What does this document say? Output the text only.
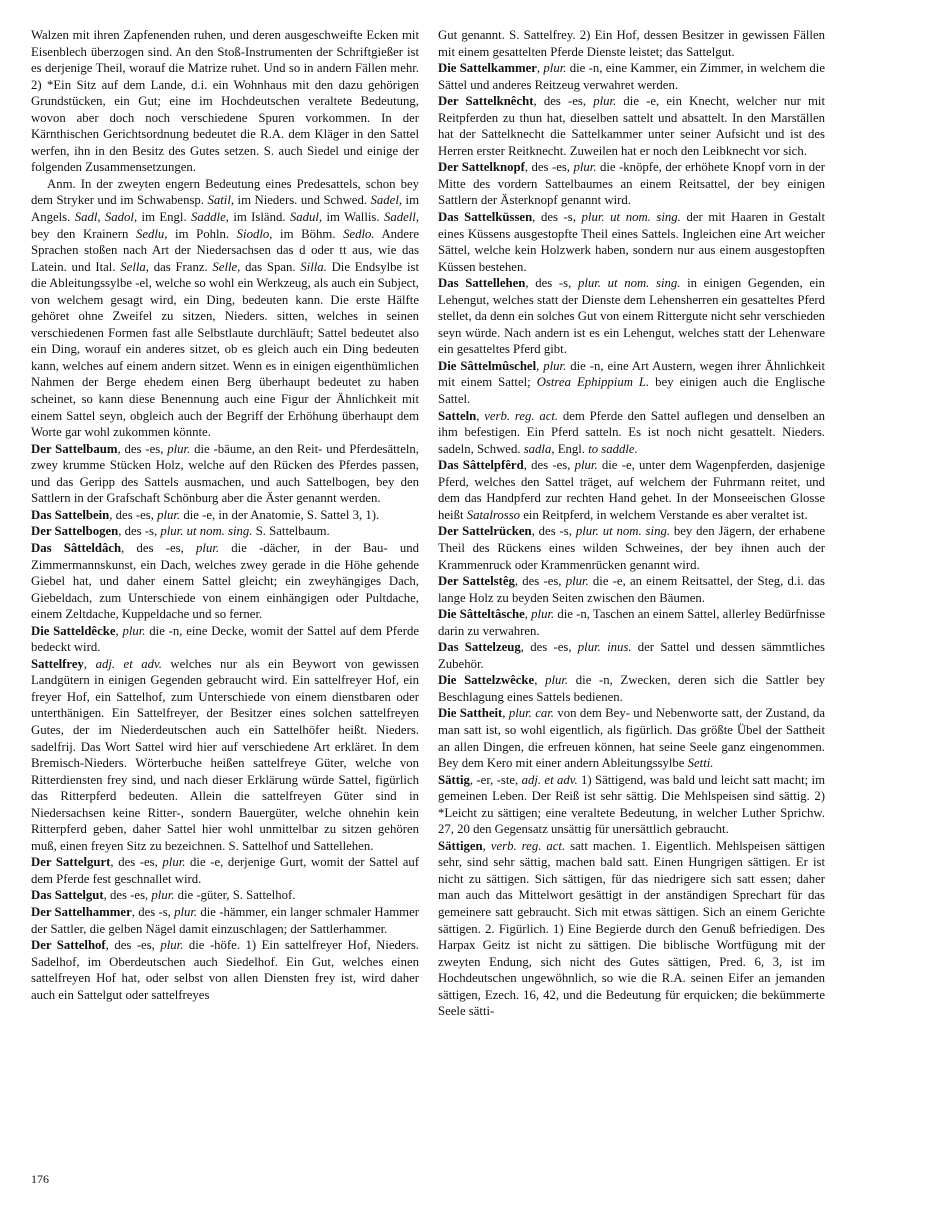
Walzen mit ihren Zapfenenden ruhen, und deren ausgeschweifte Ecken mit Eisenblech überzogen sind. An den Stoß-Instrumenten der Schriftgießer ist es derjenige Theil, worauf die Matrize ruhet. Und so in andern Fällen mehr. 2) *Ein Sitz auf dem Lande, d.i. ein Wohnhaus mit den dazu gehörigen Grundstücken, ein Gut; eine im Hochdeutschen veraltete Bedeutung, wovon aber doch noch verschiedene Spuren vorkommen. In der Kärnthischen Gerichtsordnung bedeutet die R.A. dem Kläger in den Sattel werfen, ihn in den Besitz des Gutes setzen. S. auch Siedel und einige der folgenden Zusammensetzungen.

Anm. In der zweyten engern Bedeutung eines Predesattels, schon bey dem Stryker und im Schwabensp. Satil, im Nieders. und Schwed. Sadel, im Angels. Sadl, Sadol, im Engl. Saddle, im Isländ. Sadul, im Wallis. Sadell, bey den Krainern Sedlu, im Pohln. Siodlo, im Böhm. Sedlo. Andere Sprachen stoßen nach Art der Niedersachsen das d oder tt aus, wie das Latein. und Ital. Sella, das Franz. Selle, das Span. Silla. Die Endsylbe ist die Ableitungssylbe -el, welche so wohl ein Werkzeug, als auch ein Subject, von welchem gesagt wird, ein Ding, bedeuten kann. Die erste Hälfte gehöret ohne Zweifel zu sitzen, Nieders. sitten, welches in seinen verschiedenen Formen fast alle Selbstlaute durchläuft; Sattel bedeutet also ein Ding, worauf ein anderes sitzet, ob es gleich auch ein Ding bedeuten kann, welches auf einem andern sitzet. Wenn es in einigen eigenthümlichen Nahmen der Berge ehedem einen Berg überhaupt bedeutet zu haben scheinet, so kann diese Benennung auch eine Figur der Ähnlichkeit mit einem Sattel seyn, obgleich auch der Begriff der Erhöhung überhaupt dem Worte gar wohl zukommen könnte.

Der Sattelbaum, des -es, plur. die -bäume, an den Reit- und Pferdesätteln, zwey krumme Stücken Holz, welche auf den Rücken des Pferdes passen, und das Geripp des Sattels ausmachen, und auch Sattelbogen, bey den Sattlern in der Grafschaft Schönburg aber die Äster genannt werden.

Das Sattelbein, des -es, plur. die -e, in der Anatomie, S. Sattel 3, 1).

Der Sattelbogen, des -s, plur. ut nom. sing. S. Sattelbaum.

Das Sâtteldâch, des -es, plur. die -dächer, in der Bau- und Zimmermannskunst, ein Dach, welches zwey gerade in die Höhe gehende Giebel hat, und daher einem Sattel gleicht; ein zweyhängiges Dach, Giebeldach, zum Unterschiede von einem einhängigen oder Pultdache, einem Zeltdache, Kuppeldache und so ferner.

Die Satteldêcke, plur. die -n, eine Decke, womit der Sattel auf dem Pferde bedeckt wird.

Sattelfrey, adj. et adv. welches nur als ein Beywort von gewissen Landgütern in einigen Gegenden gebraucht wird. Ein sattelfreyer Hof, ein freyer Hof, ein Sattelhof, zum Unterschiede von einem dienstbaren oder unterthänigen. Ein Sattelfreyer, der Besitzer eines solchen sattelfreyen Gutes, der im Niederdeutschen auch ein Sattelhöfer heißt. Nieders. sadelfrij. Das Wort Sattel wird hier auf verschiedene Art erkläret. In dem Bremisch-Nieders. Wörterbuche heißen sattelfreye Güter, welche von Ritterdiensten frey sind, und nach dieser Erklärung würde Sattel, figürlich das Ritterpferd bedeuten. Allein die sattelfreyen Güter sind in Niedersachsen keine Ritter-, sondern Bauergüter, welche ohnehin kein Ritterpferd geben, daher Sattel hier wohl unmittelbar zu sitzen gehören muß, einen freyen Sitz zu bezeichnen. S. Sattelhof und Sattellehen.

Der Sattelgurt, des -es, plur. die -e, derjenige Gurt, womit der Sattel auf dem Pferde fest geschnallet wird.

Das Sattelgut, des -es, plur. die -güter, S. Sattelhof.

Der Sattelhammer, des -s, plur. die -hämmer, ein langer schmaler Hammer der Sattler, die gelben Nägel damit einzuschlagen; der Sattlerhammer.

Der Sattelhof, des -es, plur. die -höfe. 1) Ein sattelfreyer Hof, Nieders. Sadelhof, im Oberdeutschen auch Siedelhof. Ein Gut, welches einen sattelfreyen Hof hat, oder selbst von allen Diensten frey ist, wird daher auch ein Sattelgut oder sattelfreyes

Gut genannt. S. Sattelfrey. 2) Ein Hof, dessen Besitzer in gewissen Fällen mit einem gesattelten Pferde Dienste leistet; das Sattelgut.

Die Sattelkammer, plur. die -n, eine Kammer, ein Zimmer, in welchem die Sättel und anderes Reitzeug verwahret werden.

Der Sattelknêcht, des -es, plur. die -e, ein Knecht, welcher nur mit Reitpferden zu thun hat, dieselben sattelt und absattelt. In den Marställen hat der Sattelknecht die Sattelkammer unter seiner Aufsicht und ist des Herren erster Reitknecht. Zuweilen hat er noch den Leibknecht vor sich.

Der Sattelknopf, des -es, plur. die -knöpfe, der erhöhete Knopf vorn in der Mitte des vordern Sattelbaumes an einem Reitsattel, der bey einigen Sattlern der Ästerknopf genannt wird.

Das Sattelküssen, des -s, plur. ut nom. sing. der mit Haaren in Gestalt eines Küssens ausgestopfte Theil eines Sattels. Ingleichen eine Art weicher Sättel, welche kein Holzwerk haben, sondern nur aus einem ausgestopften Küssen bestehen.

Das Sattellehen, des -s, plur. ut nom. sing. in einigen Gegenden, ein Lehengut, welches statt der Dienste dem Lehensherren ein gesatteltes Pferd stellet, da denn ein solches Gut von einem Rittergute nicht sehr verschieden seyn würde. Nach andern ist es ein Lehengut, welches statt der Lehenware ein gesatteltes Pferd gibt.

Die Sâttelmûschel, plur. die -n, eine Art Austern, wegen ihrer Ähnlichkeit mit einem Sattel; Ostrea Ephippium L. bey einigen auch die Englische Sattel.

Satteln, verb. reg. act. dem Pferde den Sattel auflegen und denselben an ihm befestigen. Ein Pferd satteln. Es ist noch nicht gesattelt. Nieders. sadeln, Schwed. sadla, Engl. to saddle.

Das Sâttelpfêrd, des -es, plur. die -e, unter dem Wagenpferden, dasjenige Pferd, welches den Sattel träget, auf welchem der Fuhrmann reitet, und dem das Handpferd zur rechten Hand gehet. In der Monseeischen Glosse heißt Satalrosso ein Reitpferd, in welchem Verstande es aber veraltet ist.

Der Sattelrücken, des -s, plur. ut nom. sing. bey den Jägern, der erhabene Theil des Rückens eines wilden Schweines, der bey ihnen auch der Krammenruck oder Krammenrücken genannt wird.

Der Sattelstêg, des -es, plur. die -e, an einem Reitsattel, der Steg, d.i. das lange Holz zu beyden Seiten zwischen den Bäumen.

Die Sâtteltâsche, plur. die -n, Taschen an einem Sattel, allerley Bedürfnisse darin zu verwahren.

Das Sattelzeug, des -es, plur. inus. der Sattel und dessen sämmtliches Zubehör.

Die Sattelzwêcke, plur. die -n, Zwecken, deren sich die Sattler bey Beschlagung eines Sattels bedienen.

Die Sattheit, plur. car. von dem Bey- und Nebenworte satt, der Zustand, da man satt ist, so wohl eigentlich, als figürlich. Das größte Übel der Sattheit an allen Dingen, die erfreuen können, hat seine Seele ganz eingenommen. Bey dem Kero mit einer andern Ableitungssylbe Setti.

Sättig, -er, -ste, adj. et adv. 1) Sättigend, was bald und leicht satt macht; im gemeinen Leben. Der Reiß ist sehr sättig. Die Mehlspeisen sind sättig. 2) *Leicht zu sättigen; eine veraltete Bedeutung, in welcher Luther Sprichw. 27, 20 den Gegensatz unsättig für unersättlich gebraucht.

Sättigen, verb. reg. act. satt machen. 1. Eigentlich. Mehlspeisen sättigen sehr, sind sehr sättig, machen bald satt. Einen Hungrigen sättigen. Er ist nicht zu sättigen. Sich sättigen, für das niedrigere sich satt essen; daher man auch das Mittelwort gesättigt in der anständigen Sprechart für das gemeinere satt gebraucht. Sich mit etwas sättigen. Sich an einem Gerichte sättigen. 2. Figürlich. 1) Eine Begierde durch den Genuß befriedigen. Des Harpax Geitz ist nicht zu sättigen. Die biblische Wortfügung mit der zweyten Endung, sich nicht des Gutes sättigen, Pred. 6, 3, ist im Hochdeutschen ungewöhnlich, so wie die R.A. seinen Eifer an jemanden sättigen, Ezech. 16, 42, und die Bedeutung für erquicken; die bekümmerte Seele sätti-

176
